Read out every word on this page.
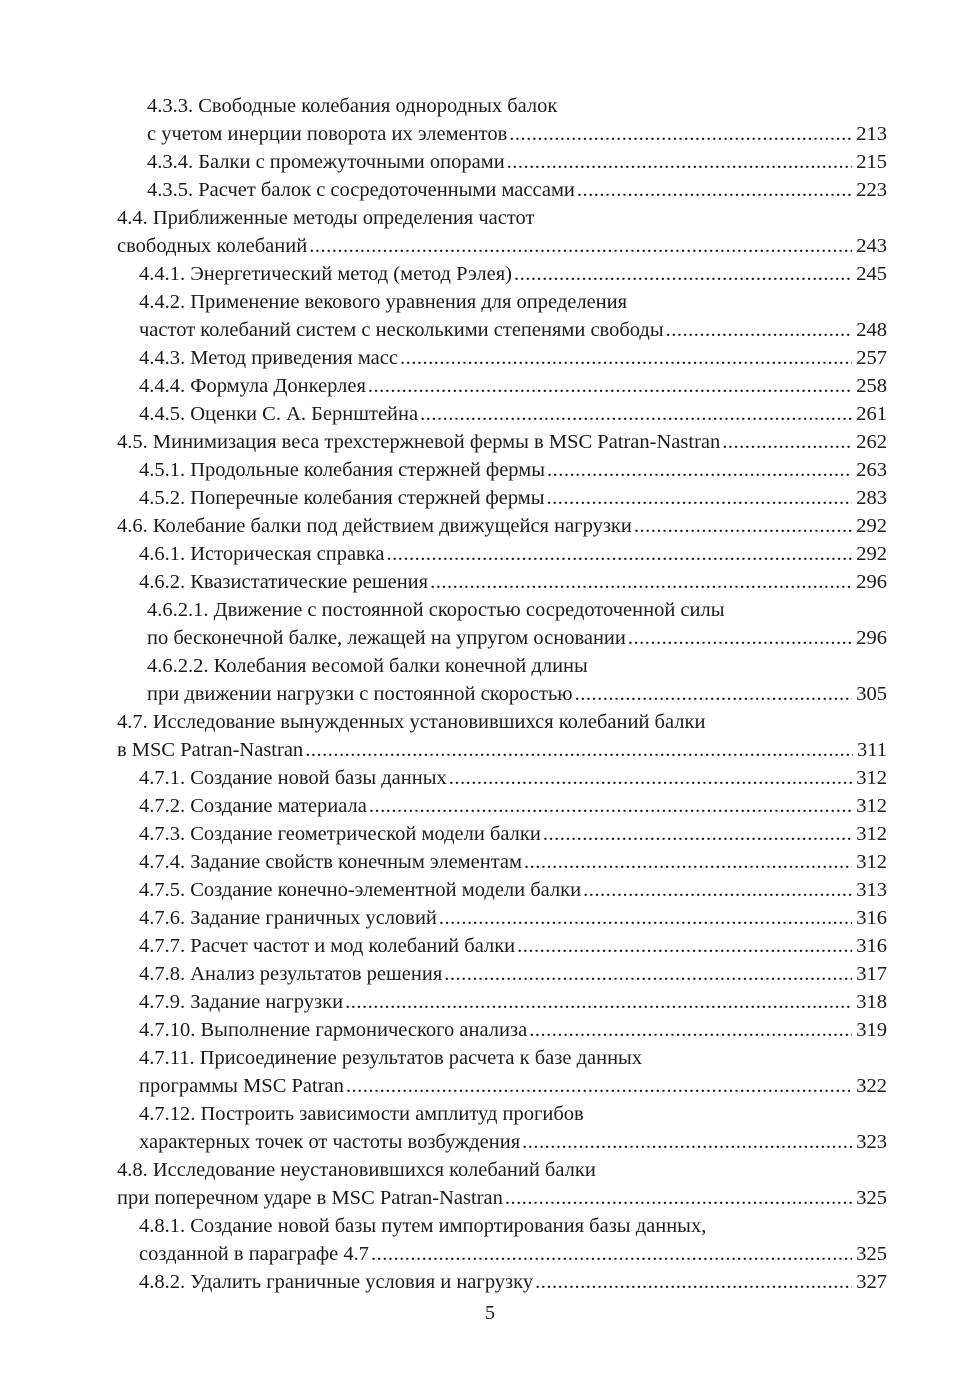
4.3.3. Свободные колебания однородных балок
с учетом инерции поворота их элементов .....	213
4.3.4. Балки с промежуточными опорами .....	215
4.3.5. Расчет балок с сосредоточенными массами .....	223
4.4. Приближенные методы определения частот
свободных колебаний .....	243
4.4.1. Энергетический метод (метод Рэлея) .....	245
4.4.2. Применение векового уравнения для определения
частот колебаний систем с несколькими степенями свободы .....	248
4.4.3. Метод приведения масс .....	257
4.4.4. Формула Донкерлея .....	258
4.4.5. Оценки С. А. Бернштейна .....	261
4.5. Минимизация веса трехстержневой фермы в MSC Patran-Nastran .....	262
4.5.1. Продольные колебания стержней фермы .....	263
4.5.2. Поперечные колебания стержней фермы .....	283
4.6. Колебание балки под действием движущейся нагрузки .....	292
4.6.1. Историческая справка .....	292
4.6.2. Квазистатические решения .....	296
4.6.2.1. Движение с постоянной скоростью сосредоточенной силы
по бесконечной балке, лежащей на упругом основании .....	296
4.6.2.2. Колебания весомой балки конечной длины
при движении нагрузки с постоянной скоростью .....	305
4.7. Исследование вынужденных установившихся колебаний балки
в MSC Patran-Nastran .....	311
4.7.1. Создание новой базы данных .....	312
4.7.2. Создание материала .....	312
4.7.3. Создание геометрической модели балки .....	312
4.7.4. Задание свойств конечным элементам .....	312
4.7.5. Создание конечно-элементной модели балки .....	313
4.7.6. Задание граничных условий .....	316
4.7.7. Расчет частот и мод колебаний балки .....	316
4.7.8. Анализ результатов решения .....	317
4.7.9. Задание нагрузки .....	318
4.7.10. Выполнение гармонического анализа .....	319
4.7.11. Присоединение результатов расчета к базе данных
программы MSC Patran .....	322
4.7.12. Построить зависимости амплитуд прогибов
характерных точек от частоты возбуждения .....	323
4.8. Исследование неустановившихся колебаний балки
при поперечном ударе в MSC Patran-Nastran .....	325
4.8.1. Создание новой базы путем импортирования базы данных,
созданной в параграфе 4.7 .....	325
4.8.2. Удалить граничные условия и нагрузку .....	327
5
